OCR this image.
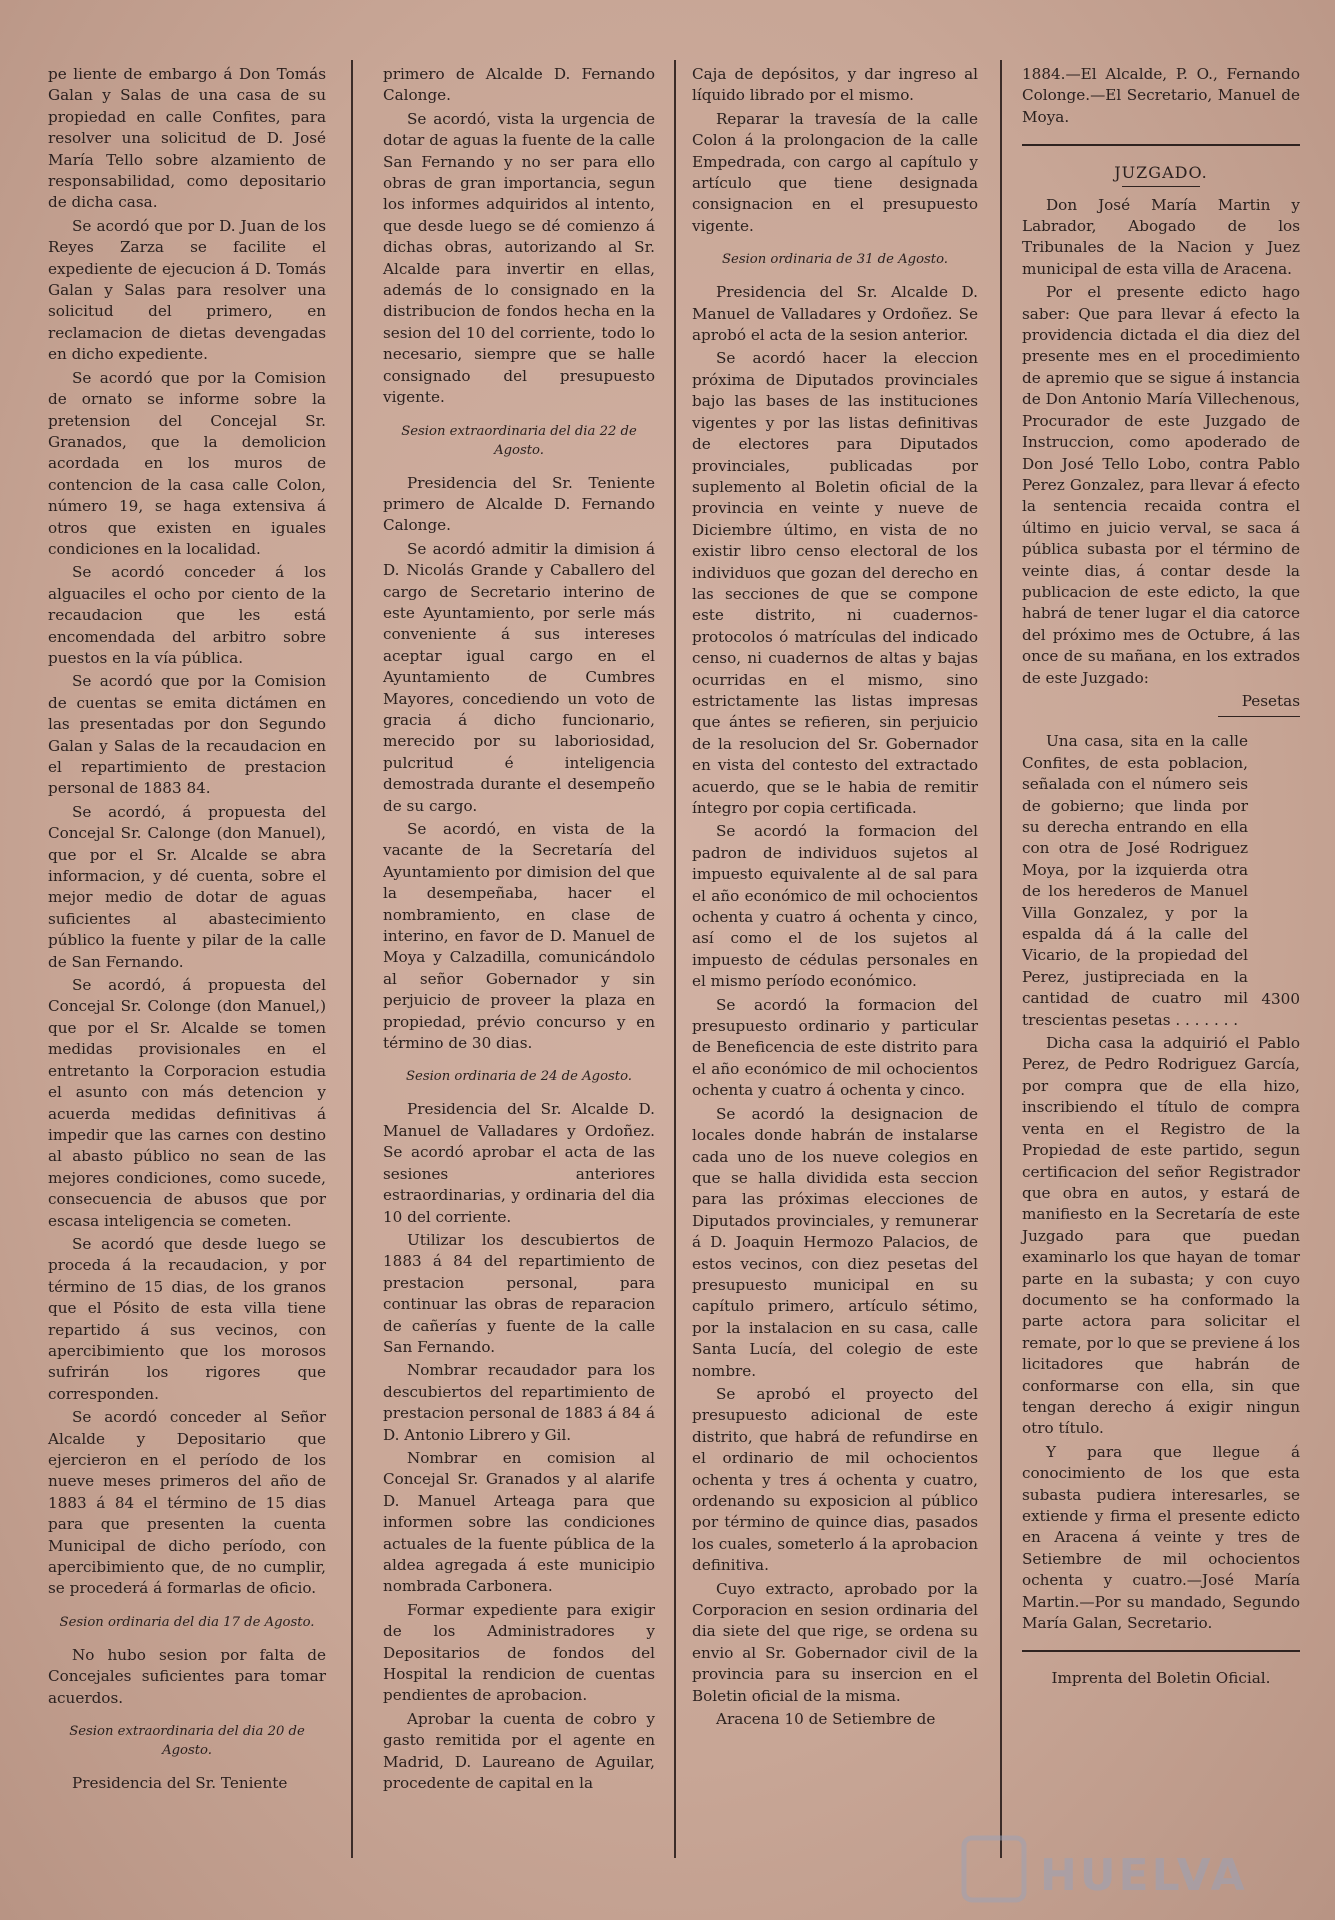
pe liente de embargo á Don Tomás Galan y Salas de una casa de su propiedad en calle Confites, para resolver una solicitud de D. José María Tello sobre alzamiento de responsabilidad, como depositario de dicha casa.

Se acordó que por D. Juan de los Reyes Zarza se facilite el expediente de ejecucion á D. Tomás Galan y Salas para resolver una solicitud del primero, en reclamacion de dietas devengadas en dicho expediente.

Se acordó que por la Comision de ornato se informe sobre la pretension del Concejal Sr. Granados, que la demolicion acordada en los muros de contencion de la casa calle Colon, número 19, se haga extensiva á otros que existen en iguales condiciones en la localidad.

Se acordó conceder á los alguaciles el ocho por ciento de la recaudacion que les está encomendada del arbitro sobre puestos en la vía pública.

Se acordó que por la Comision de cuentas se emita dictámen en las presentadas por don Segundo Galan y Salas de la recaudacion en el repartimiento de prestacion personal de 1883 84.

Se acordó, á propuesta del Concejal Sr. Calonge (don Manuel), que por el Sr. Alcalde se abra informacion, y dé cuenta, sobre el mejor medio de dotar de aguas suficientes al abastecimiento público la fuente y pilar de la calle de San Fernando.

Se acordó, á propuesta del Concejal Sr. Colonge (don Manuel,) que por el Sr. Alcalde se tomen medidas provisionales en el entretanto la Corporacion estudia el asunto con más detencion y acuerda medidas definitivas á impedir que las carnes con destino al abasto público no sean de las mejores condiciones, como sucede, consecuencia de abusos que por escasa inteligencia se cometen.

Se acordó que desde luego se proceda á la recaudacion, y por término de 15 dias, de los granos que el Pósito de esta villa tiene repartido á sus vecinos, con apercibimiento que los morosos sufrirán los rigores que corresponden.

Se acordó conceder al Señor Alcalde y Depositario que ejercieron en el período de los nueve meses primeros del año de 1883 á 84 el término de 15 dias para que presenten la cuenta Municipal de dicho período, con apercibimiento que, de no cumplir, se procederá á formarlas de oficio.

Sesion ordinaria del dia 17 de Agosto.

No hubo sesion por falta de Concejales suficientes para tomar acuerdos.

Sesion extraordinaria del dia 20 de Agosto.

Presidencia del Sr. Teniente

primero de Alcalde D. Fernando Calonge.

Se acordó, vista la urgencia de dotar de aguas la fuente de la calle San Fernando y no ser para ello obras de gran importancia, segun los informes adquiridos al intento, que desde luego se dé comienzo á dichas obras, autorizando al Sr. Alcalde para invertir en ellas, además de lo consignado en la distribucion de fondos hecha en la sesion del 10 del corriente, todo lo necesario, siempre que se halle consignado del presupuesto vigente.

Sesion extraordinaria del dia 22 de Agosto.

Presidencia del Sr. Teniente primero de Alcalde D. Fernando Calonge.

Se acordó admitir la dimision á D. Nicolás Grande y Caballero del cargo de Secretario interino de este Ayuntamiento, por serle más conveniente á sus intereses aceptar igual cargo en el Ayuntamiento de Cumbres Mayores, concediendo un voto de gracia á dicho funcionario, merecido por su laboriosidad, pulcritud é inteligencia demostrada durante el desempeño de su cargo.

Se acordó, en vista de la vacante de la Secretaría del Ayuntamiento por dimision del que la desempeñaba, hacer el nombramiento, en clase de interino, en favor de D. Manuel de Moya y Calzadilla, comunicándolo al señor Gobernador y sin perjuicio de proveer la plaza en propiedad, prévio concurso y en término de 30 dias.

Sesion ordinaria de 24 de Agosto.

Presidencia del Sr. Alcalde D. Manuel de Valladares y Ordoñez. Se acordó aprobar el acta de las sesiones anteriores estraordinarias, y ordinaria del dia 10 del corriente.

Utilizar los descubiertos de 1883 á 84 del repartimiento de prestacion personal, para continuar las obras de reparacion de cañerías y fuente de la calle San Fernando.

Nombrar recaudador para los descubiertos del repartimiento de prestacion personal de 1883 á 84 á D. Antonio Librero y Gil.

Nombrar en comision al Concejal Sr. Granados y al alarife D. Manuel Arteaga para que informen sobre las condiciones actuales de la fuente pública de la aldea agregada á este municipio nombrada Carbonera.

Formar expediente para exigir de los Administradores y Depositarios de fondos del Hospital la rendicion de cuentas pendientes de aprobacion.

Aprobar la cuenta de cobro y gasto remitida por el agente en Madrid, D. Laureano de Aguilar, procedente de capital en la

Caja de depósitos, y dar ingreso al líquido librado por el mismo.

Reparar la travesía de la calle Colon á la prolongacion de la calle Empedrada, con cargo al capítulo y artículo que tiene designada consignacion en el presupuesto vigente.

Sesion ordinaria de 31 de Agosto.

Presidencia del Sr. Alcalde D. Manuel de Valladares y Ordoñez. Se aprobó el acta de la sesion anterior.

Se acordó hacer la eleccion próxima de Diputados provinciales bajo las bases de las instituciones vigentes y por las listas definitivas de electores para Diputados provinciales, publicadas por suplemento al Boletin oficial de la provincia en veinte y nueve de Diciembre último, en vista de no existir libro censo electoral de los individuos que gozan del derecho en las secciones de que se compone este distrito, ni cuadernos-protocolos ó matrículas del indicado censo, ni cuadernos de altas y bajas ocurridas en el mismo, sino estrictamente las listas impresas que ántes se refieren, sin perjuicio de la resolucion del Sr. Gobernador en vista del contesto del extractado acuerdo, que se le habia de remitir íntegro por copia certificada.

Se acordó la formacion del padron de individuos sujetos al impuesto equivalente al de sal para el año económico de mil ochocientos ochenta y cuatro á ochenta y cinco, así como el de los sujetos al impuesto de cédulas personales en el mismo período económico.

Se acordó la formacion del presupuesto ordinario y particular de Beneficencia de este distrito para el año económico de mil ochocientos ochenta y cuatro á ochenta y cinco.

Se acordó la designacion de locales donde habrán de instalarse cada uno de los nueve colegios en que se halla dividida esta seccion para las próximas elecciones de Diputados provinciales, y remunerar á D. Joaquin Hermozo Palacios, de estos vecinos, con diez pesetas del presupuesto municipal en su capítulo primero, artículo sétimo, por la instalacion en su casa, calle Santa Lucía, del colegio de este nombre.

Se aprobó el proyecto del presupuesto adicional de este distrito, que habrá de refundirse en el ordinario de mil ochocientos ochenta y tres á ochenta y cuatro, ordenando su exposicion al público por término de quince dias, pasados los cuales, someterlo á la aprobacion definitiva.

Cuyo extracto, aprobado por la Corporacion en sesion ordinaria del dia siete del que rige, se ordena su envio al Sr. Gobernador civil de la provincia para su insercion en el Boletin oficial de la misma.

Aracena 10 de Setiembre de

1884.—El Alcalde, P. O., Fernando Colonge.—El Secretario, Manuel de Moya.

JUZGADO.

Don José María Martin y Labrador, Abogado de los Tribunales de la Nacion y Juez municipal de esta villa de Aracena.

Por el presente edicto hago saber: Que para llevar á efecto la providencia dictada el dia diez del presente mes en el procedimiento de apremio que se sigue á instancia de Don Antonio María Villechenous, Procurador de este Juzgado de Instruccion, como apoderado de Don José Tello Lobo, contra Pablo Perez Gonzalez, para llevar á efecto la sentencia recaida contra el último en juicio verval, se saca á pública subasta por el término de veinte dias, á contar desde la publicacion de este edicto, la que habrá de tener lugar el dia catorce del próximo mes de Octubre, á las once de su mañana, en los extrados de este Juzgado:

Pesetas

Una casa, sita en la calle Confites, de esta poblacion, señalada con el número seis de gobierno; que linda por su derecha entrando en ella con otra de José Rodriguez Moya, por la izquierda otra de los herederos de Manuel Villa Gonzalez, y por la espalda dá á la calle del Vicario, de la propiedad del Perez, justipreciada en la cantidad de cuatro mil trescientas pesetas . . . . . . .

4300

Dicha casa la adquirió el Pablo Perez, de Pedro Rodriguez García, por compra que de ella hizo, inscribiendo el título de compra venta en el Registro de la Propiedad de este partido, segun certificacion del señor Registrador que obra en autos, y estará de manifiesto en la Secretaría de este Juzgado para que puedan examinarlo los que hayan de tomar parte en la subasta; y con cuyo documento se ha conformado la parte actora para solicitar el remate, por lo que se previene á los licitadores que habrán de conformarse con ella, sin que tengan derecho á exigir ningun otro título.

Y para que llegue á conocimiento de los que esta subasta pudiera interesarles, se extiende y firma el presente edicto en Aracena á veinte y tres de Setiembre de mil ochocientos ochenta y cuatro.—José María Martin.—Por su mandado, Segundo María Galan, Secretario.

Imprenta del Boletin Oficial.

HUELVA
